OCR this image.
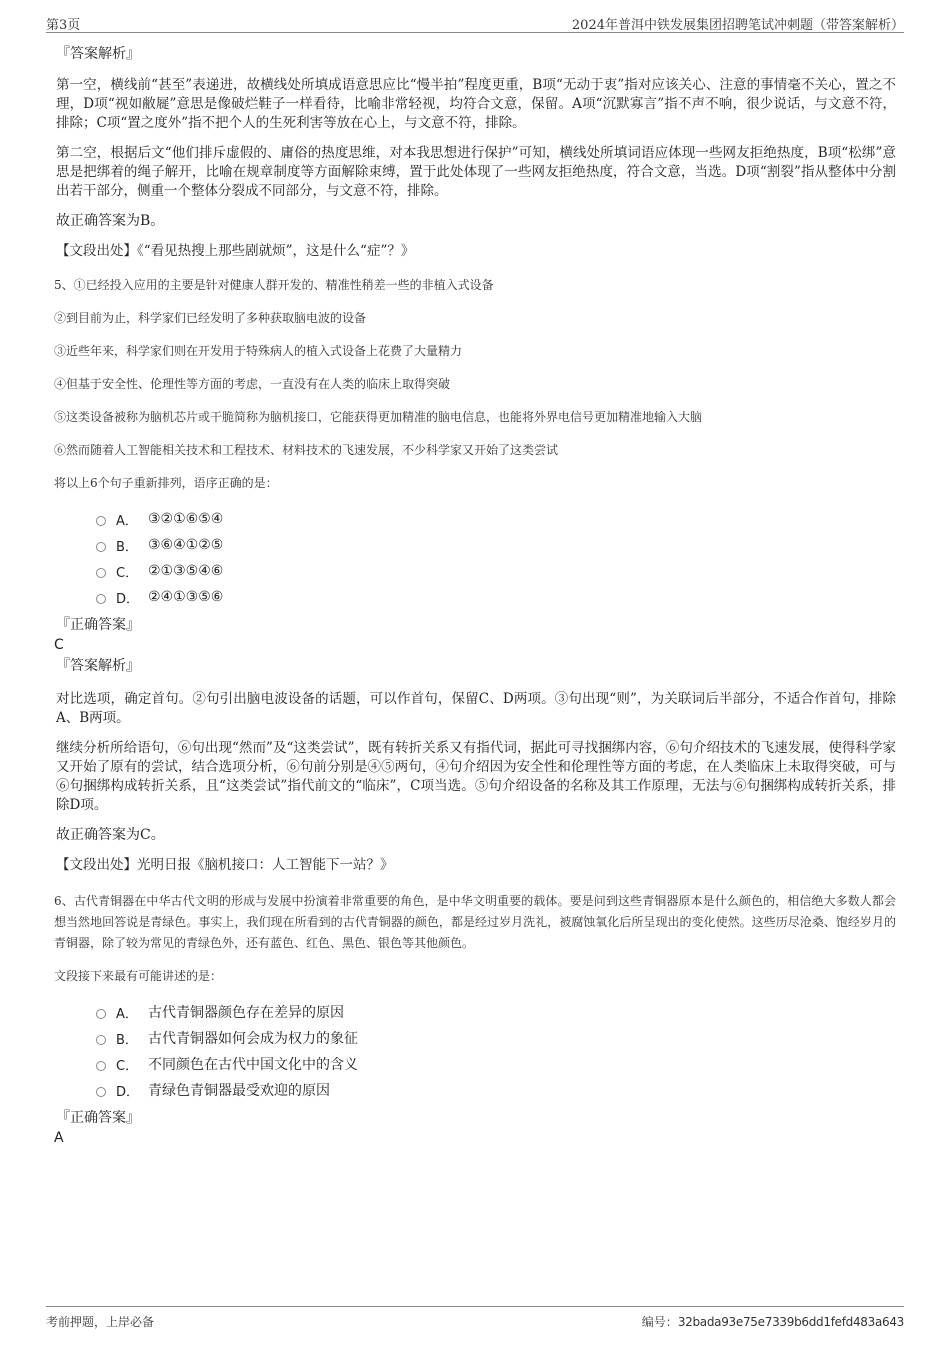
第3页	2024年普洱中铁发展集团招聘笔试冲刺题（带答案解析）

『答案解析』

第一空，横线前“甚至”表递进，故横线处所填成语意思应比“慢半拍”程度更重，B项“无动于衷”指对应该关心、注意的事情毫不关心，置之不理，D项“视如敝屣”意思是像破烂鞋子一样看待，比喻非常轻视，均符合文意，保留。A项“沉默寡言”指不声不响，很少说话，与文意不符，排除；C项“置之度外”指不把个人的生死利害等放在心上，与文意不符，排除。

第二空，根据后文“他们排斥虚假的、庸俗的热度思维，对本我思想进行保护”可知，横线处所填词语应体现一些网友拒绝热度，B项“松绑”意思是把绑着的绳子解开，比喻在规章制度等方面解除束缚，置于此处体现了一些网友拒绝热度，符合文意，当选。D项“割裂”指从整体中分割出若干部分，侧重一个整体分裂成不同部分，与文意不符，排除。

故正确答案为B。

【文段出处】《“看见热搜上那些剧就烦”，这是什么“症”？》

5、①已经投入应用的主要是针对健康人群开发的、精准性稍差一些的非植入式设备

②到目前为止，科学家们已经发明了多种获取脑电波的设备

③近些年来，科学家们则在开发用于特殊病人的植入式设备上花费了大量精力

④但基于安全性、伦理性等方面的考虑，一直没有在人类的临床上取得突破

⑤这类设备被称为脑机芯片或干脆简称为脑机接口，它能获得更加精准的脑电信息，也能将外界电信号更加精准地输入大脑

⑥然而随着人工智能相关技术和工程技术、材料技术的飞速发展，不少科学家又开始了这类尝试

将以上6个句子重新排列，语序正确的是：

A． ③②①⑥⑤④
B． ③⑥④①②⑤
C． ②①③⑤④⑥
D． ②④①③⑤⑥

『正确答案』

C

『答案解析』

对比选项，确定首句。②句引出脑电波设备的话题，可以作首句，保留C、D两项。③句出现“则”，为关联词后半部分，不适合作首句，排除A、B两项。

继续分析所给语句，⑥句出现“然而”及“这类尝试”，既有转折关系又有指代词，据此可寻找捆绑内容，⑥句介绍技术的飞速发展，使得科学家又开始了原有的尝试，结合选项分析，⑥句前分别是④⑤两句，④句介绍因为安全性和伦理性等方面的考虑，在人类临床上未取得突破，可与⑥句捆绑构成转折关系，且“这类尝试”指代前文的“临床”，C项当选。⑤句介绍设备的名称及其工作原理，无法与⑥句捆绑构成转折关系，排除D项。

故正确答案为C。

【文段出处】光明日报《脑机接口：人工智能下一站？》

6、古代青铜器在中华古代文明的形成与发展中扮演着非常重要的角色，是中华文明重要的载体。要是问到这些青铜器原本是什么颜色的，相信绝大多数人都会想当然地回答说是青绿色。事实上，我们现在所看到的古代青铜器的颜色，都是经过岁月洗礼，被腐蚀氧化后所呈现出的变化使然。这些历尽沧桑、饱经岁月的青铜器，除了较为常见的青绿色外，还有蓝色、红色、黑色、银色等其他颜色。

文段接下来最有可能讲述的是：

A． 古代青铜器颜色存在差异的原因
B． 古代青铜器如何会成为权力的象征
C． 不同颜色在古代中国文化中的含义
D． 青绿色青铜器最受欢迎的原因

『正确答案』

A

考前押题，上岸必备	编号：32bada93e75e7339b6dd1fefd483a643
